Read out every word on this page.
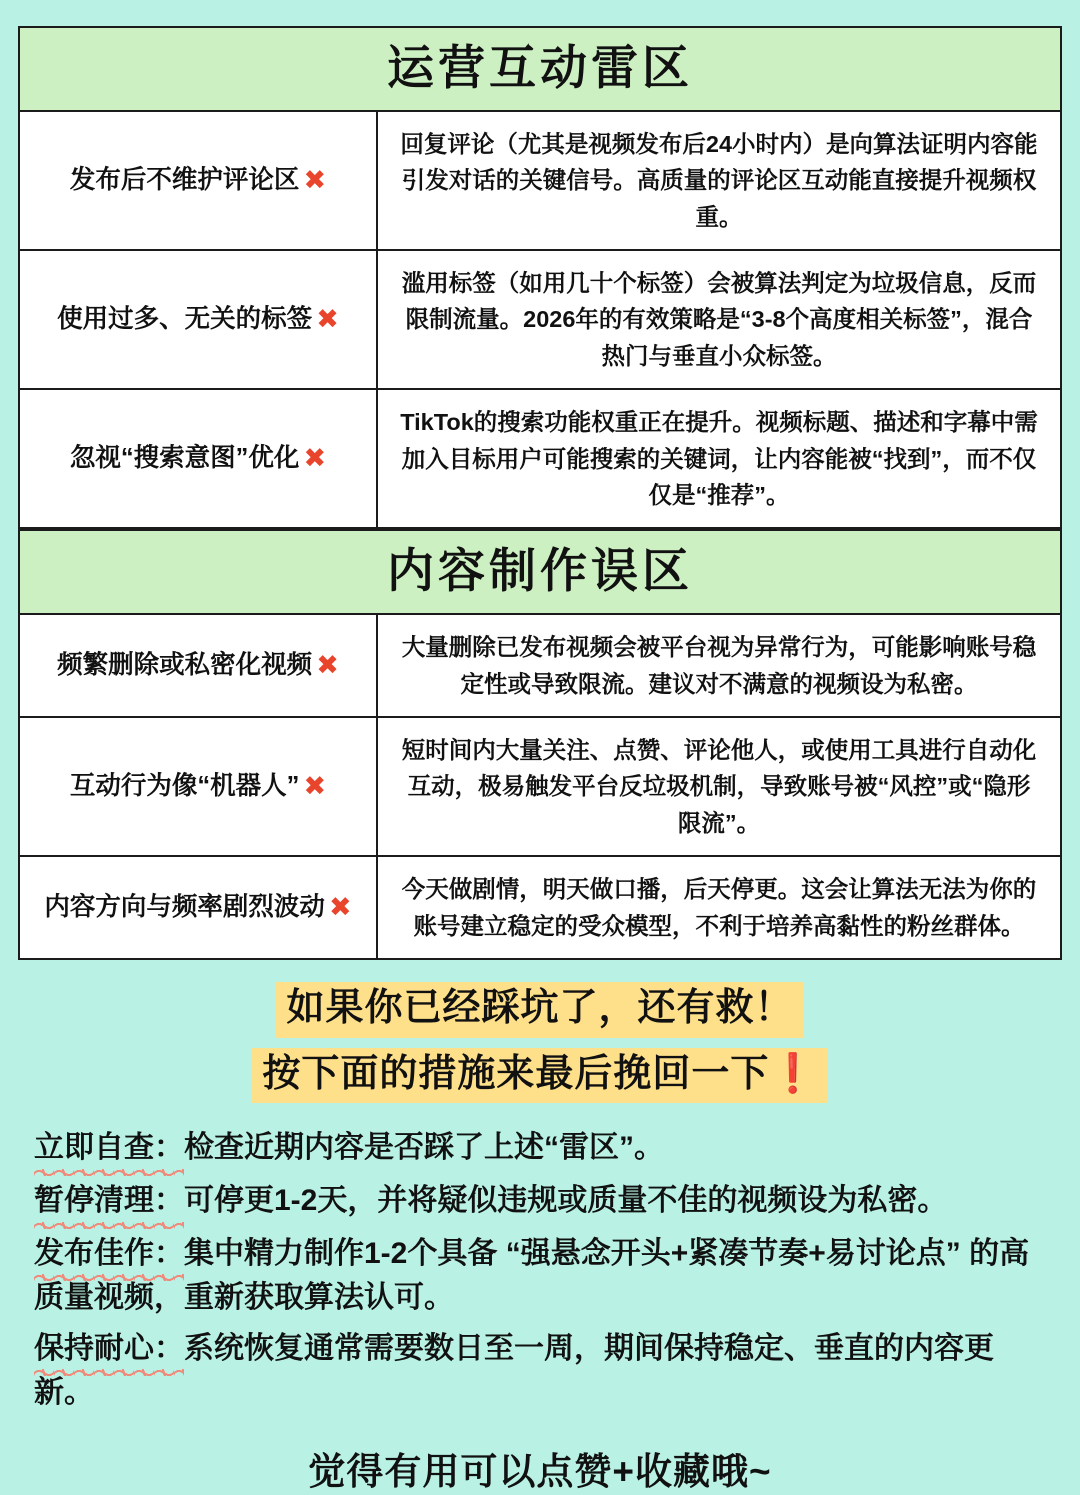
运营互动雷区
发布后不维护评论区 ✖
回复评论（尤其是视频发布后24小时内）是向算法证明内容能引发对话的关键信号。高质量的评论区互动能直接提升视频权重。
使用过多、无关的标签 ✖
滥用标签（如用几十个标签）会被算法判定为垃圾信息，反而限制流量。2026年的有效策略是“3-8个高度相关标签”，混合热门与垂直小众标签。
忽视“搜索意图”优化 ✖
TikTok的搜索功能权重正在提升。视频标题、描述和字幕中需加入目标用户可能搜索的关键词，让内容能被“找到”，而不仅仅是“推荐”。
内容制作误区
频繁删除或私密化视频 ✖
大量删除已发布视频会被平台视为异常行为，可能影响账号稳定性或导致限流。建议对不满意的视频设为私密。
互动行为像“机器人” ✖
短时间内大量关注、点赞、评论他人，或使用工具进行自动化互动，极易触发平台反垃圾机制，导致账号被“风控”或“隐形限流”。
内容方向与频率剧烈波动 ✖
今天做剧情，明天做口播，后天停更。这会让算法无法为你的账号建立稳定的受众模型，不利于培养高黏性的粉丝群体。
如果你已经踩坑了，还有救！
按下面的措施来最后挽回一下❗
立即自查：检查近期内容是否踩了上述“雷区”。
暂停清理：可停更1-2天，并将疑似违规或质量不佳的视频设为私密。
发布佳作：集中精力制作1-2个具备 “强悬念开头+紧凑节奏+易讨论点” 的高质量视频，重新获取算法认可。
保持耐心：系统恢复通常需要数日至一周，期间保持稳定、垂直的内容更新。
觉得有用可以点赞+收藏哦~
